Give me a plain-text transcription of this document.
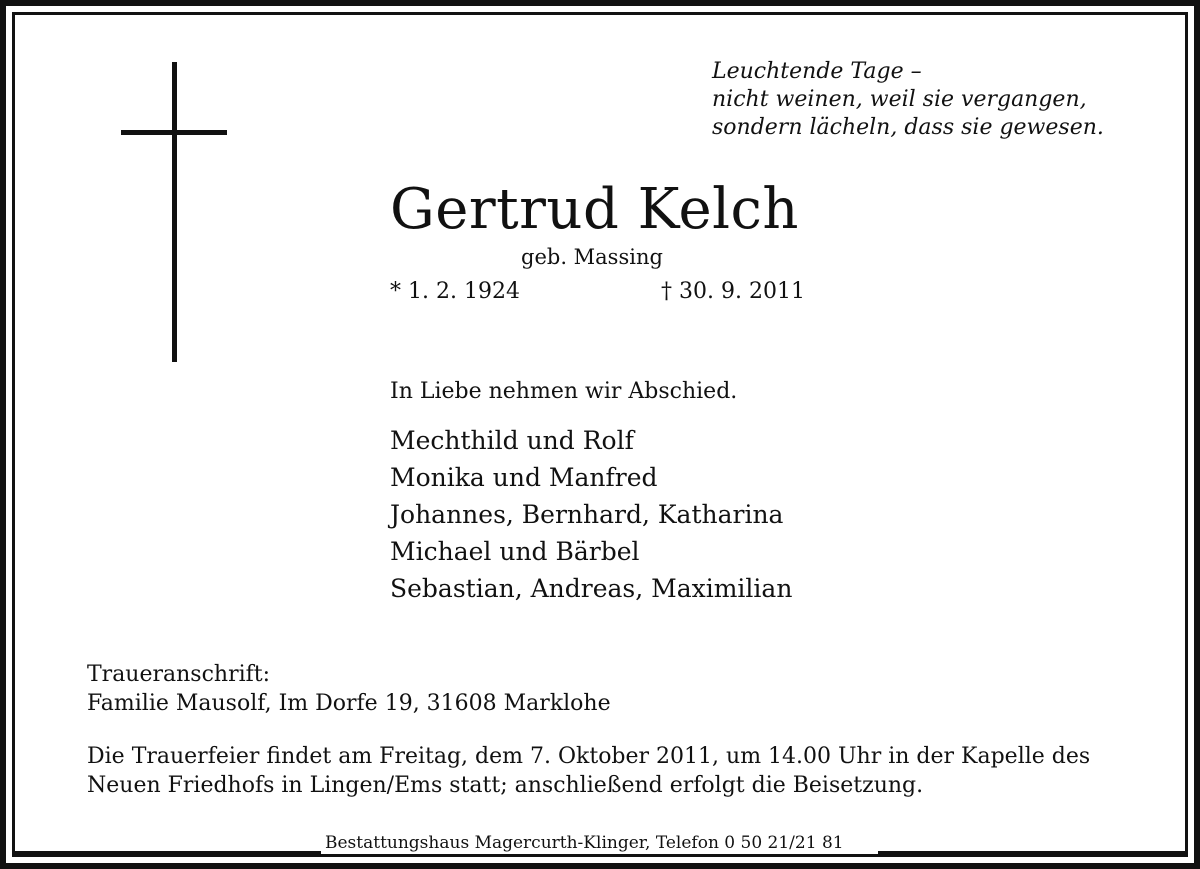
Leuchtende Tage –
nicht weinen, weil sie vergangen,
sondern lächeln, dass sie gewesen.
Gertrud Kelch
geb. Massing
* 1. 2. 1924	† 30. 9. 2011
In Liebe nehmen wir Abschied.
Mechthild und Rolf
Monika und Manfred
Johannes, Bernhard, Katharina
Michael und Bärbel
Sebastian, Andreas, Maximilian
Traueranschrift:
Familie Mausolf, Im Dorfe 19, 31608 Marklohe
Die Trauerfeier findet am Freitag, dem 7. Oktober 2011, um 14.00 Uhr in der Kapelle des
Neuen Friedhofs in Lingen/Ems statt; anschließend erfolgt die Beisetzung.
Bestattungshaus Magercurth-Klinger, Telefon 0 50 21/21 81
